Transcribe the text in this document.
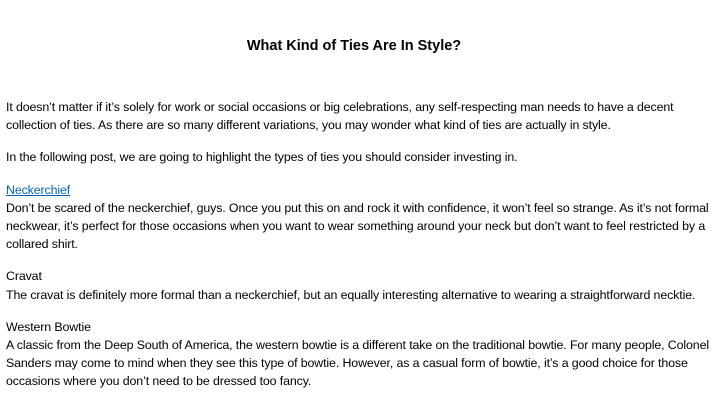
What Kind of Ties Are In Style?

It doesn’t matter if it’s solely for work or social occasions or big celebrations, any self-respecting man needs to have a decent collection of ties. As there are so many different variations, you may wonder what kind of ties are actually in style.

In the following post, we are going to highlight the types of ties you should consider investing in.

Neckerchief
Don’t be scared of the neckerchief, guys. Once you put this on and rock it with confidence, it won’t feel so strange. As it’s not formal neckwear, it’s perfect for those occasions when you want to wear something around your neck but don’t want to feel restricted by a collared shirt.
Cravat
The cravat is definitely more formal than a neckerchief, but an equally interesting alternative to wearing a straightforward necktie.
Western Bowtie
A classic from the Deep South of America, the western bowtie is a different take on the traditional bowtie. For many people, Colonel Sanders may come to mind when they see this type of bowtie. However, as a casual form of bowtie, it’s a good choice for those occasions where you don’t need to be dressed too fancy.
